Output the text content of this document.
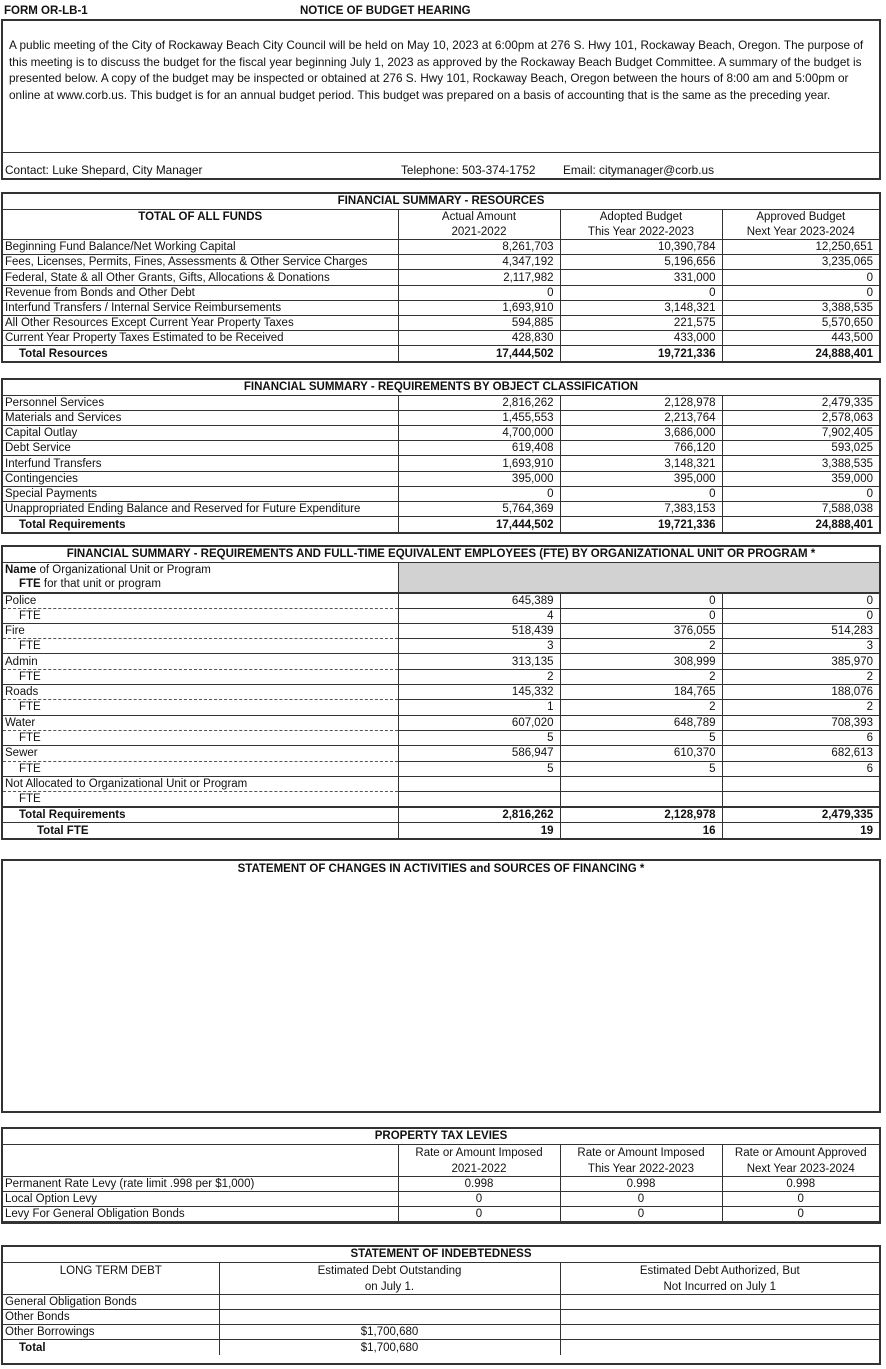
FORM OR-LB-1	NOTICE OF BUDGET HEARING
A public meeting of the City of Rockaway Beach City Council will be held on May 10, 2023 at 6:00pm at 276 S. Hwy 101, Rockaway Beach, Oregon. The purpose of this meeting is to discuss the budget for the fiscal year beginning July 1, 2023 as approved by the Rockaway Beach Budget Committee. A summary of the budget is presented below. A copy of the budget may be inspected or obtained at 276 S. Hwy 101, Rockaway Beach, Oregon between the hours of 8:00 am and 5:00pm or online at www.corb.us. This budget is for an annual budget period. This budget was prepared on a basis of accounting that is the same as the preceding year.
Contact: Luke Shepard, City Manager	Telephone: 503-374-1752 Email: citymanager@corb.us
FINANCIAL SUMMARY - RESOURCES			
TOTAL OF ALL FUNDS	Actual Amount	Adopted Budget	Approved Budget
	2021-2022	This Year 2022-2023	Next Year 2023-2024
Beginning Fund Balance/Net Working Capital	8,261,703	10,390,784	12,250,651
Fees, Licenses, Permits, Fines, Assessments & Other Service Charges	4,347,192	5,196,656	3,235,065
Federal, State & all Other Grants, Gifts, Allocations & Donations	2,117,982	331,000	0
Revenue from Bonds and Other Debt	0	0	0
Interfund Transfers / Internal Service Reimbursements	1,693,910	3,148,321	3,388,535
All Other Resources Except Current Year Property Taxes	594,885	221,575	5,570,650
Current Year Property Taxes Estimated to be Received	428,830	433,000	443,500
Total Resources	17,444,502	19,721,336	24,888,401
FINANCIAL SUMMARY - REQUIREMENTS BY OBJECT CLASSIFICATION			
Personnel Services	2,816,262	2,128,978	2,479,335
Materials and Services	1,455,553	2,213,764	2,578,063
Capital Outlay	4,700,000	3,686,000	7,902,405
Debt Service	619,408	766,120	593,025
Interfund Transfers	1,693,910	3,148,321	3,388,535
Contingencies	395,000	395,000	359,000
Special Payments	0	0	0
Unappropriated Ending Balance and Reserved for Future Expenditure	5,764,369	7,383,153	7,588,038
Total Requirements	17,444,502	19,721,336	24,888,401
FINANCIAL SUMMARY - REQUIREMENTS AND FULL-TIME EQUIVALENT EMPLOYEES (FTE) BY ORGANIZATIONAL UNIT OR PROGRAM *			
Name of Organizational Unit or Program			
FTE for that unit or program			
Police	645,389	0	0
FTE	4	0	0
Fire	518,439	376,055	514,283
FTE	3	2	3
Admin	313,135	308,999	385,970
FTE	2	2	2
Roads	145,332	184,765	188,076
FTE	1	2	2
Water	607,020	648,789	708,393
FTE	5	5	6
Sewer	586,947	610,370	682,613
FTE	5	5	6
Not Allocated to Organizational Unit or Program			
FTE			
Total Requirements	2,816,262	2,128,978	2,479,335
Total FTE	19	16	19
STATEMENT OF CHANGES IN ACTIVITIES and SOURCES OF FINANCING *
PROPERTY TAX LEVIES			
	Rate or Amount Imposed	Rate or Amount Imposed	Rate or Amount Approved
	2021-2022	This Year 2022-2023	Next Year 2023-2024
Permanent Rate Levy (rate limit .998 per $1,000)	0.998	0.998	0.998
Local Option Levy	0	0	0
Levy For General Obligation Bonds	0	0	0
STATEMENT OF INDEBTEDNESS		
LONG TERM DEBT	Estimated Debt Outstanding	Estimated Debt Authorized, But
	on July 1.	Not Incurred on July 1
General Obligation Bonds		
Other Bonds		
Other Borrowings	$1,700,680	
Total	$1,700,680	
